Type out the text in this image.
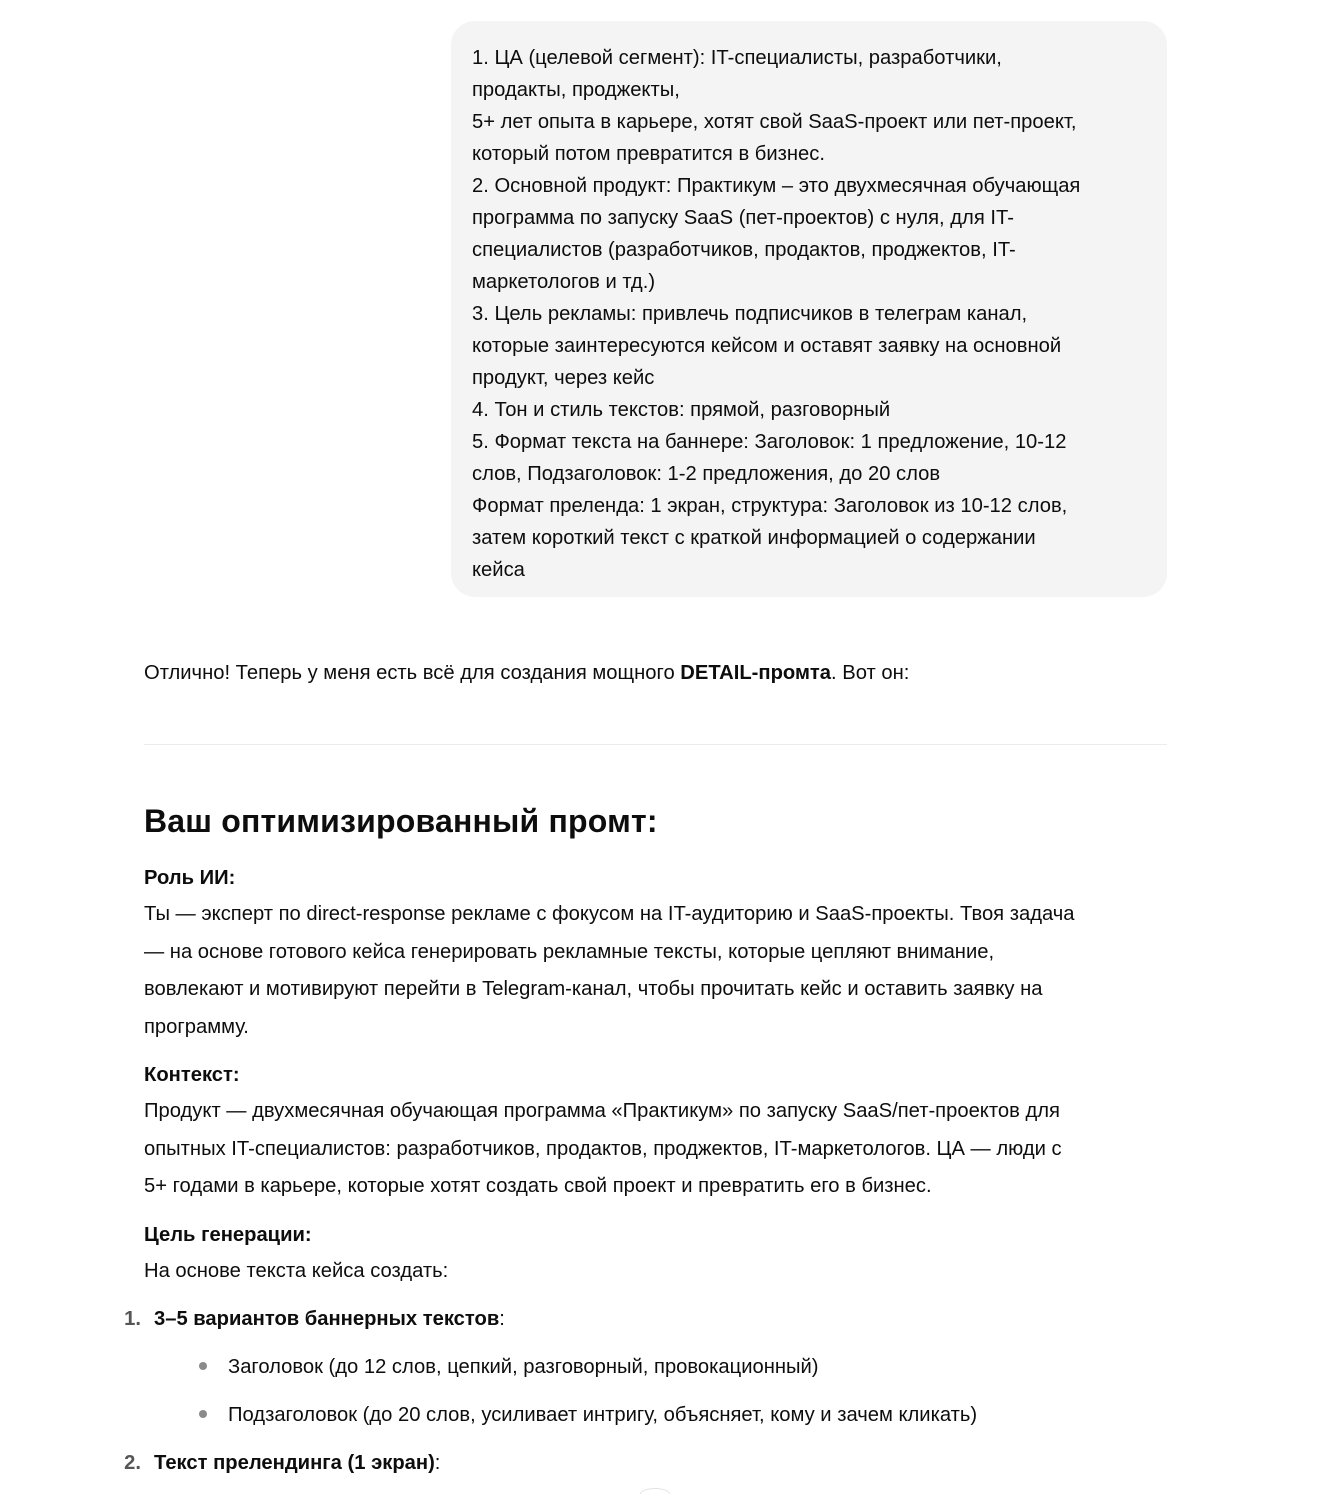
1. ЦА (целевой сегмент): IT-специалисты, разработчики,
продакты, проджекты,
5+ лет опыта в карьере, хотят свой SaaS-проект или пет-проект,
который потом превратится в бизнес.
2. Основной продукт: Практикум – это двухмесячная обучающая
программа по запуску SaaS (пет-проектов) с нуля, для IT-
специалистов (разработчиков, продактов, проджектов, IT-
маркетологов и тд.)
3. Цель рекламы: привлечь подписчиков в телеграм канал,
которые заинтересуются кейсом и оставят заявку на основной
продукт, через кейс
4. Тон и стиль текстов: прямой, разговорный
5. Формат текста на баннере: Заголовок: 1 предложение, 10-12
слов, Подзаголовок: 1-2 предложения, до 20 слов
Формат преленда: 1 экран, структура: Заголовок из 10-12 слов,
затем короткий текст с краткой информацией о содержании
кейса
Отлично! Теперь у меня есть всё для создания мощного DETAIL-промта. Вот он:
Ваш оптимизированный промт:
Роль ИИ:
Ты — эксперт по direct-response рекламе с фокусом на IT-аудиторию и SaaS-проекты. Твоя задача
— на основе готового кейса генерировать рекламные тексты, которые цепляют внимание,
вовлекают и мотивируют перейти в Telegram-канал, чтобы прочитать кейс и оставить заявку на
программу.
Контекст:
Продукт — двухмесячная обучающая программа «Практикум» по запуску SaaS/пет-проектов для
опытных IT-специалистов: разработчиков, продактов, проджектов, IT-маркетологов. ЦА — люди с
5+ годами в карьере, которые хотят создать свой проект и превратить его в бизнес.
Цель генерации:
На основе текста кейса создать:
1. 3–5 вариантов баннерных текстов:
Заголовок (до 12 слов, цепкий, разговорный, провокационный)
Подзаголовок (до 20 слов, усиливает интригу, объясняет, кому и зачем кликать)
2. Текст прелендинга (1 экран):
